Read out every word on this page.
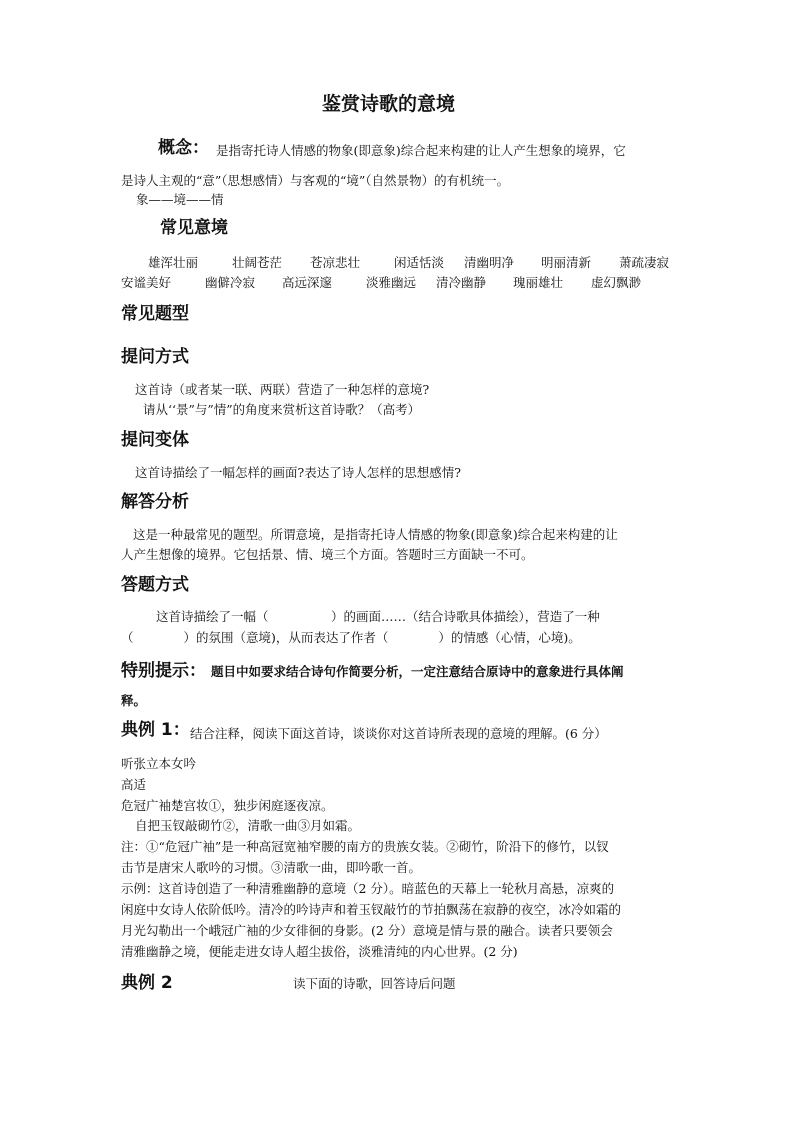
鉴赏诗歌的意境
概念： 是指寄托诗人情感的物象(即意象)综合起来构建的让人产生想象的境界，它
是诗人主观的“意”（思想感情）与客观的“境”（自然景物）的有机统一。
象——境——情
常见意境
雄浑壮丽	壮阔苍茫 苍凉悲壮	闲适恬淡 清幽明净 明丽清新 萧疏凄寂
安谧美好	幽僻冷寂 高远深邃	淡雅幽远 清冷幽静 瑰丽雄壮 虚幻飘渺
常见题型
提问方式
这首诗（或者某一联、两联）营造了一种怎样的意境?
请从‘‘景”与”情”的角度来赏析这首诗歌？（高考）
提问变体
这首诗描绘了一幅怎样的画面?表达了诗人怎样的思想感情?
解答分析
这是一种最常见的题型。所谓意境，是指寄托诗人情感的物象(即意象)综合起来构建的让
人产生想像的境界。它包括景、情、境三个方面。答题时三方面缺一不可。
答题方式
这首诗描绘了一幅（　　　　　）的画面……（结合诗歌具体描绘），营造了一种
（　　　　）的氛围（意境)，从而表达了作者（　　　　）的情感（心情，心境)。
特别提示： 题目中如要求结合诗句作简要分析，一定注意结合原诗中的意象进行具体阐
释。
典例 1： 结合注释，阅读下面这首诗，谈谈你对这首诗所表现的意境的理解。(6 分）
听张立本女吟
高适
危冠广袖楚宫妆①，独步闲庭逐夜凉。
自把玉钗敲砌竹②，清歌一曲③月如霜。
注：①“危冠广袖”是一种高冠宽袖窄腰的南方的贵族女装。②砌竹，阶沿下的修竹，以钗
击节是唐宋人歌吟的习惯。③清歌一曲，即吟歌一首。
示例：这首诗创造了一种清雅幽静的意境（2 分）。暗蓝色的天幕上一轮秋月高悬，凉爽的
闲庭中女诗人依阶低吟。清冷的吟诗声和着玉钗敲竹的节拍飘荡在寂静的夜空，冰冷如霜的
月光勾勒出一个峨冠广袖的少女徘徊的身影。(2 分）意境是情与景的融合。读者只要领会
清雅幽静之境，便能走进女诗人超尘拔俗，淡雅清纯的内心世界。(2 分)
典例 2	读下面的诗歌，回答诗后问题
